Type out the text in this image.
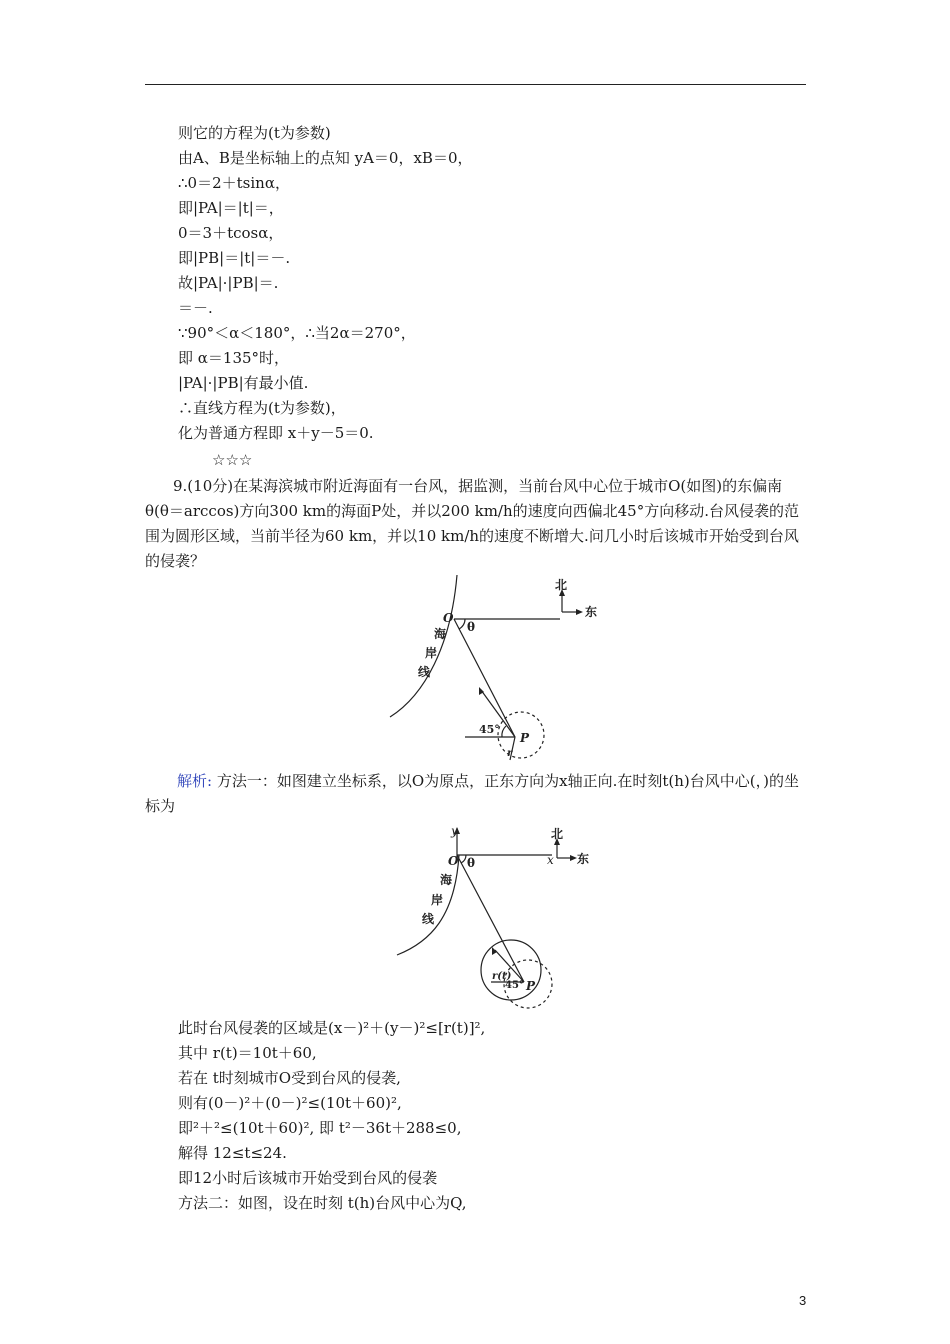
则它的方程为(t为参数)
由A、B是坐标轴上的点知 yA＝0，xB＝0，
∴0＝2＋tsinα，
即|PA|＝|t|＝，
0＝3＋tcosα，
即|PB|＝|t|＝－.
故|PA|·|PB|＝.
＝－.
∵90°＜α＜180°，∴当2α＝270°，
即 α＝135°时，
|PA|·|PB|有最小值.
∴直线方程为(t为参数)，
化为普通方程即 x＋y－5＝0.
☆☆☆
9.(10分)在某海滨城市附近海面有一台风，据监测，当前台风中心位于城市O(如图)的东偏南 θ(θ＝arccos)方向300 km的海面P处，并以200 km/h的速度向西偏北45°方向移动.台风侵袭的范围为圆形区域，当前半径为60 km，并以10 km/h的速度不断增大.问几小时后该城市开始受到台风的侵袭？
北
东
O
θ
海
岸
线
45°
P
r
解析: 方法一：如图建立坐标系，以O为原点，正东方向为x轴正向.在时刻t(h)台风中心(，)的坐标为
y
x
北
东
O θ
海
岸
线
r(t)
45° P
此时台风侵袭的区域是(x－)²＋(y－)²≤[r(t)]²,
其中 r(t)＝10t＋60,
若在 t时刻城市O受到台风的侵袭,
则有(0－)²＋(0－)²≤(10t＋60)²,
即²＋²≤(10t＋60)², 即 t²－36t＋288≤0,
解得 12≤t≤24.
即12小时后该城市开始受到台风的侵袭
方法二：如图，设在时刻 t(h)台风中心为Q,
3
